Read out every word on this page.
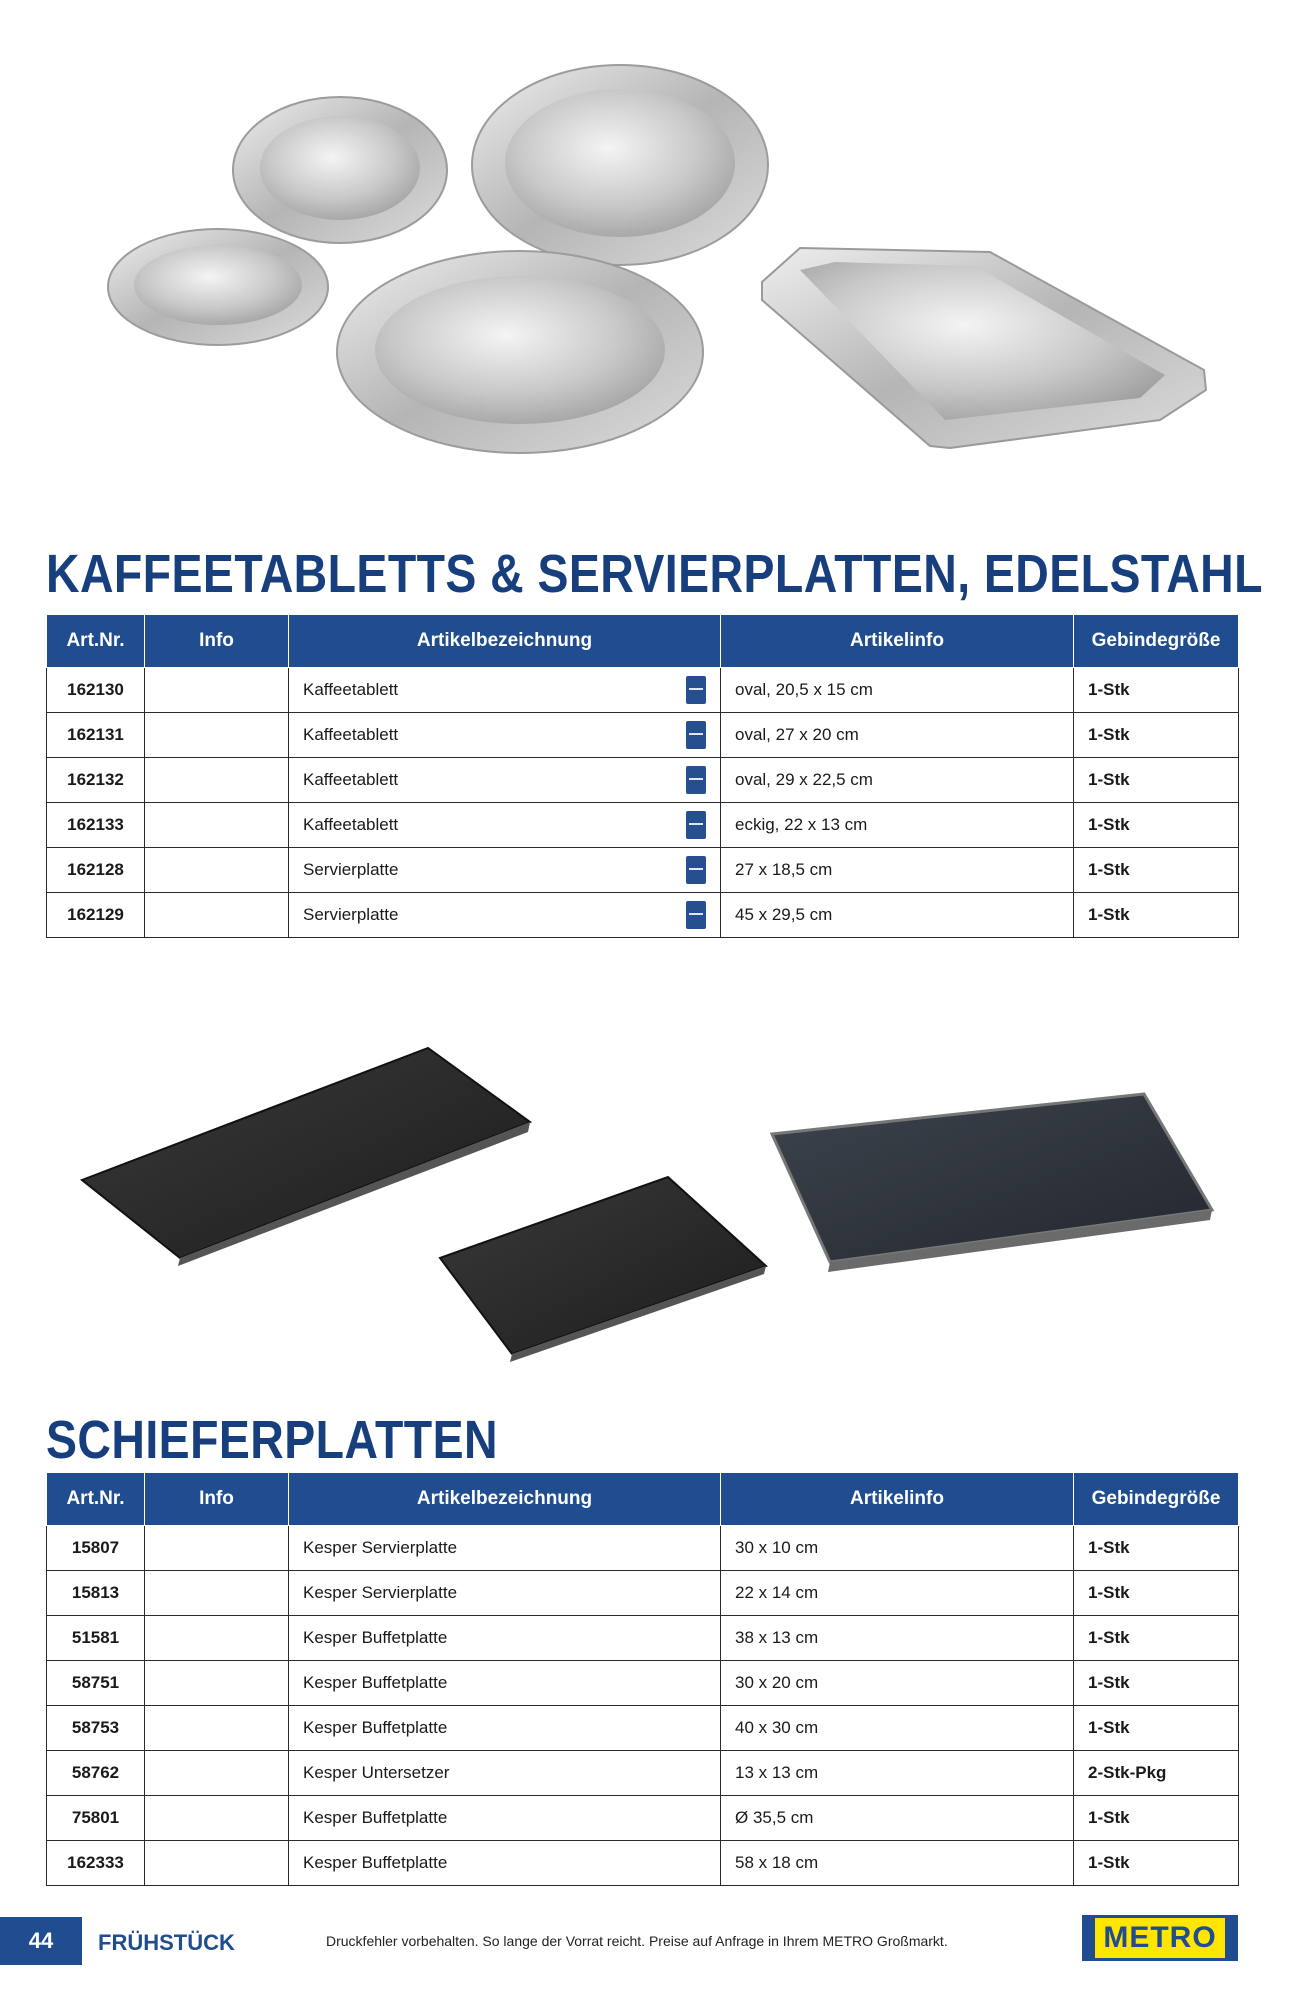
KAFFEETABLETTS & SERVIERPLATTEN, EDELSTAHL
Art.Nr.	Info	Artikelbezeichnung	Artikelinfo	Gebindegröße
162130		Kaffeetablett	oval, 20,5 x 15 cm	1-Stk
162131		Kaffeetablett	oval, 27 x 20 cm	1-Stk
162132		Kaffeetablett	oval, 29 x 22,5 cm	1-Stk
162133		Kaffeetablett	eckig, 22 x 13 cm	1-Stk
162128		Servierplatte	27 x 18,5 cm	1-Stk
162129		Servierplatte	45 x 29,5 cm	1-Stk
SCHIEFERPLATTEN
Art.Nr.	Info	Artikelbezeichnung	Artikelinfo	Gebindegröße
15807		Kesper Servierplatte	30 x 10 cm	1-Stk
15813		Kesper Servierplatte	22 x 14 cm	1-Stk
51581		Kesper Buffetplatte	38 x 13 cm	1-Stk
58751		Kesper Buffetplatte	30 x 20 cm	1-Stk
58753		Kesper Buffetplatte	40 x 30 cm	1-Stk
58762		Kesper Untersetzer	13 x 13 cm	2-Stk-Pkg
75801		Kesper Buffetplatte	Ø 35,5 cm	1-Stk
162333		Kesper Buffetplatte	58 x 18 cm	1-Stk
44	FRÜHSTÜCK	Druckfehler vorbehalten. So lange der Vorrat reicht. Preise auf Anfrage in Ihrem METRO Großmarkt.	METRO
